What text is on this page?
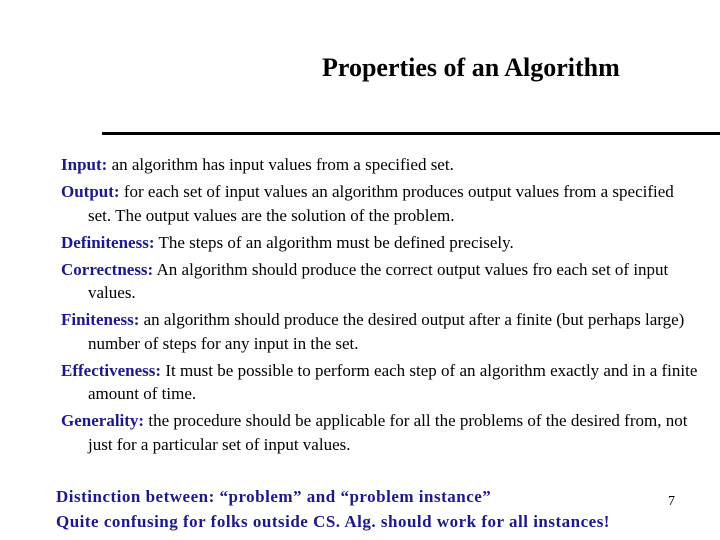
Properties of an Algorithm
Input: an algorithm has input values from a specified set.
Output: for each set of input values an algorithm produces output values from a specified set. The output values are the solution of the problem.
Definiteness: The steps of an algorithm must be defined precisely.
Correctness: An algorithm should produce the correct output values fro each set of input values.
Finiteness: an algorithm should produce the desired output after a finite (but perhaps large) number of steps for any input in the set.
Effectiveness: It must be possible to perform each step of an algorithm exactly and in a finite amount of time.
Generality: the procedure should be applicable for all the problems of the desired from, not just for a particular set of input values.
Distinction between: “problem” and “problem instance”
Quite confusing for folks outside CS. Alg. should work for all instances!
7
